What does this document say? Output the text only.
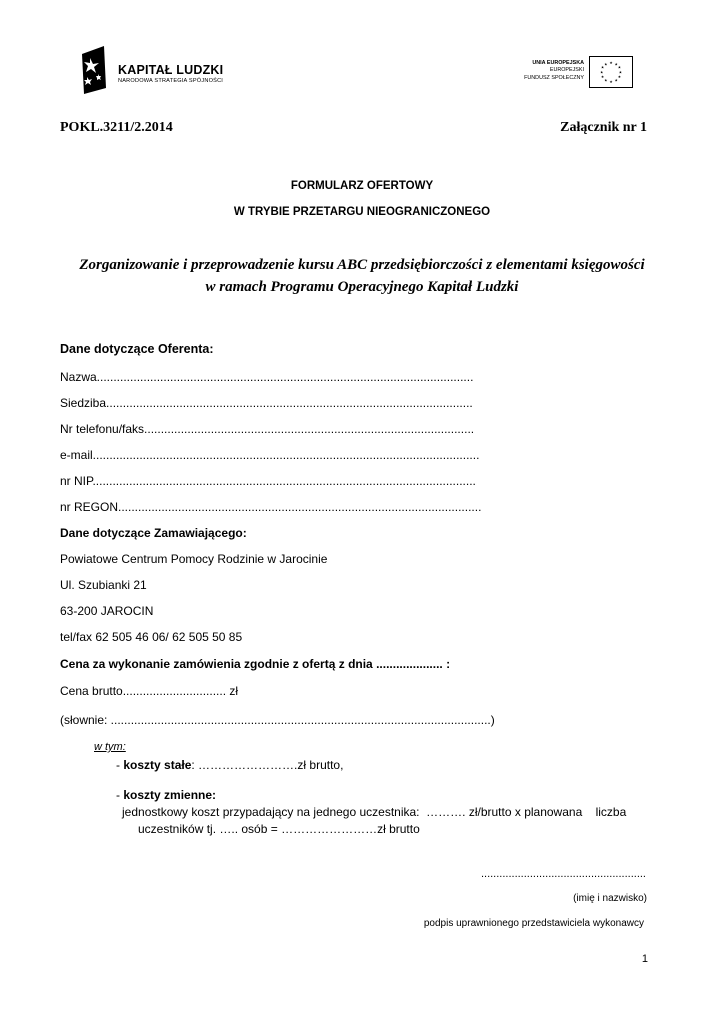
KAPITAŁ LUDZKI
NARODOWA STRATEGIA SPÓJNOŚCI
UNIA EUROPEJSKA
EUROPEJSKI
FUNDUSZ SPOŁECZNY
★ ★
★
★
★
★
★
★
★
★
★
★
POKL.3211/2.2014	Załącznik nr 1
FORMULARZ OFERTOWY
W TRYBIE PRZETARGU NIEOGRANICZONEGO
Zorganizowanie i przeprowadzenie kursu ABC przedsiębiorczości z elementami księgowości
w ramach Programu Operacyjnego Kapitał Ludzki
Dane dotyczące Oferenta:
Nazwa.................................................................................................................
Siedziba..............................................................................................................
Nr telefonu/faks...................................................................................................
e-mail....................................................................................................................
nr NIP...................................................................................................................
nr REGON.............................................................................................................
Dane dotyczące Zamawiającego:
Powiatowe Centrum Pomocy Rodzinie w Jarocinie
Ul. Szubianki 21
63-200 JAROCIN
tel/fax 62 505 46 06/ 62 505 50 85
Cena za wykonanie zamówienia zgodnie z ofertą z dnia .................... :
Cena brutto............................... zł
(słownie: ..................................................................................................................)
w tym:
- koszty stałe: …………………….zł brutto,
- koszty zmienne:
jednostkowy koszt przypadający na jednego uczestnika:  ………. zł/brutto x planowana    liczba
uczestników tj. ….. osób = ……………………zł brutto
......................................................
(imię i nazwisko)
podpis uprawnionego przedstawiciela wykonawcy
1
